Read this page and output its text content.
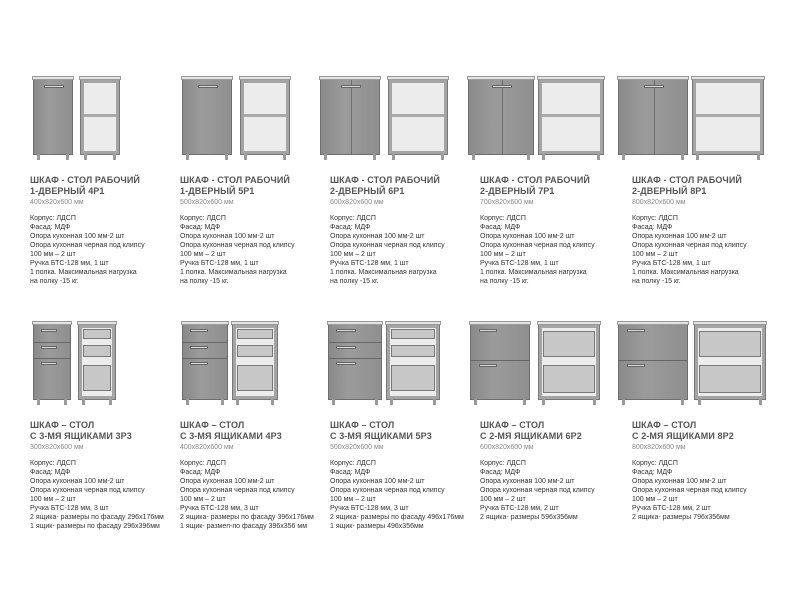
ШКАФ - СТОЛ РАБОЧИЙ
1-ДВЕРНЫЙ 4Р1
400х820х600 мм
Корпус: ЛДСП
Фасад: МДФ
Опора кухонная 100 мм-2 шт
Опора кухонная черная под клипсу
100 мм – 2 шт
Ручка БТС-128 мм, 1 шт
1 полка. Максимальная нагрузка
на полку -15 кг.
ШКАФ - СТОЛ РАБОЧИЙ
1-ДВЕРНЫЙ 5Р1
500х820х600 мм
Корпус: ЛДСП
Фасад: МДФ
Опора кухонная 100 мм-2 шт
Опора кухонная черная под клипсу
100 мм – 2 шт
Ручка БТС-128 мм, 1 шт
1 полка. Максимальная нагрузка
на полку -15 кг.
ШКАФ - СТОЛ РАБОЧИЙ
2-ДВЕРНЫЙ 6Р1
600х820х600 мм
Корпус: ЛДСП
Фасад: МДФ
Опора кухонная 100 мм-2 шт
Опора кухонная черная под клипсу
100 мм – 2 шт
Ручка БТС-128 мм, 1 шт
1 полка. Максимальная нагрузка
на полку -15 кг.
ШКАФ - СТОЛ РАБОЧИЙ
2-ДВЕРНЫЙ 7Р1
700х820х600 мм
Корпус: ЛДСП
Фасад: МДФ
Опора кухонная 100 мм-2 шт
Опора кухонная черная под клипсу
100 мм – 2 шт
Ручка БТС-128 мм, 1 шт
1 полка. Максимальная нагрузка
на полку -15 кг.
ШКАФ - СТОЛ РАБОЧИЙ
2-ДВЕРНЫЙ 8Р1
800х820х600 мм
Корпус: ЛДСП
Фасад: МДФ
Опора кухонная 100 мм-2 шт
Опора кухонная черная под клипсу
100 мм – 2 шт
Ручка БТС-128 мм, 1 шт
1 полка. Максимальная нагрузка
на полку -15 кг.
ШКАФ – СТОЛ
С 3-МЯ ЯЩИКАМИ 3Р3
300х820х600 мм
Корпус: ЛДСП
Фасад: МДФ
Опора кухонная 100 мм-2 шт
Опора кухонная черная под клипсу
100 мм – 2 шт
Ручка БТС-128 мм, 3 шт
2 ящика- размеры по фасаду 296х176мм
1 ящик- размеры по фасаду 296х396мм
ШКАФ – СТОЛ
С 3-МЯ ЯЩИКАМИ 4Р3
400х820х600 мм
Корпус: ЛДСП
Фасад: МДФ
Опора кухонная 100 мм-2 шт
Опора кухонная черная под клипсу
100 мм – 2 шт
Ручка БТС-128 мм, 3 шт
2 ящика- размеры по фасаду 396х176мм
1 ящик- размеп-по фасаду 396х356 мм
ШКАФ – СТОЛ
С 3-МЯ ЯЩИКАМИ 5Р3
500х820х600 мм
Корпус: ЛДСП
Фасад: МДФ
Опора кухонная 100 мм-2 шт
Опора кухонная черная под клипсу
100 мм – 2 шт
Ручка БТС-128 мм, 3 шт
2 ящика- размеры по фасаду 496х176мм
1 ящик- размеры 496х356мм
ШКАФ – СТОЛ
С 2-МЯ ЯЩИКАМИ 6Р2
600х820х600 мм
Корпус: ЛДСП
Фасад: МДФ
Опора кухонная 100 мм-2 шт
Опора кухонная черная под клипсу
100 мм – 2 шт
Ручка БТС-128 мм, 2 шт
2 ящика- размеры 596х356мм
ШКАФ – СТОЛ
С 2-МЯ ЯЩИКАМИ 8Р2
800х820х600 мм
Корпус: ЛДСП
Фасад: МДФ
Опора кухонная 100 мм-2 шт
Опора кухонная черная под клипсу
100 мм – 2 шт
Ручка БТС-128 мм, 2 шт
2 ящика- размеры 796х356мм
